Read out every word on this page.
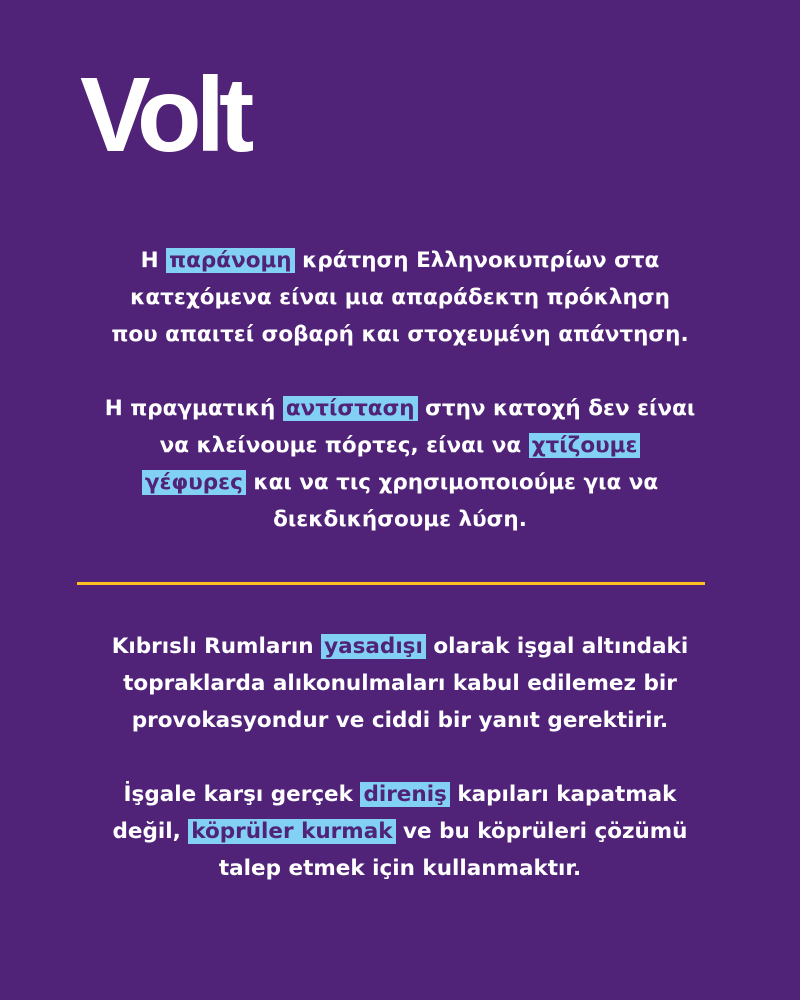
Volt

Η παράνομη κράτηση Ελληνοκυπρίων στα
κατεχόμενα είναι μια απαράδεκτη πρόκληση
που απαιτεί σοβαρή και στοχευμένη απάντηση.

Η πραγματική αντίσταση στην κατοχή δεν είναι
να κλείνουμε πόρτες, είναι να χτίζουμε
γέφυρες και να τις χρησιμοποιούμε για να
διεκδικήσουμε λύση.

Kıbrıslı Rumların yasadışı olarak işgal altındaki
topraklarda alıkonulmaları kabul edilemez bir
provokasyondur ve ciddi bir yanıt gerektirir.

İşgale karşı gerçek direniş kapıları kapatmak
değil, köprüler kurmak ve bu köprüleri çözümü
talep etmek için kullanmaktır.
